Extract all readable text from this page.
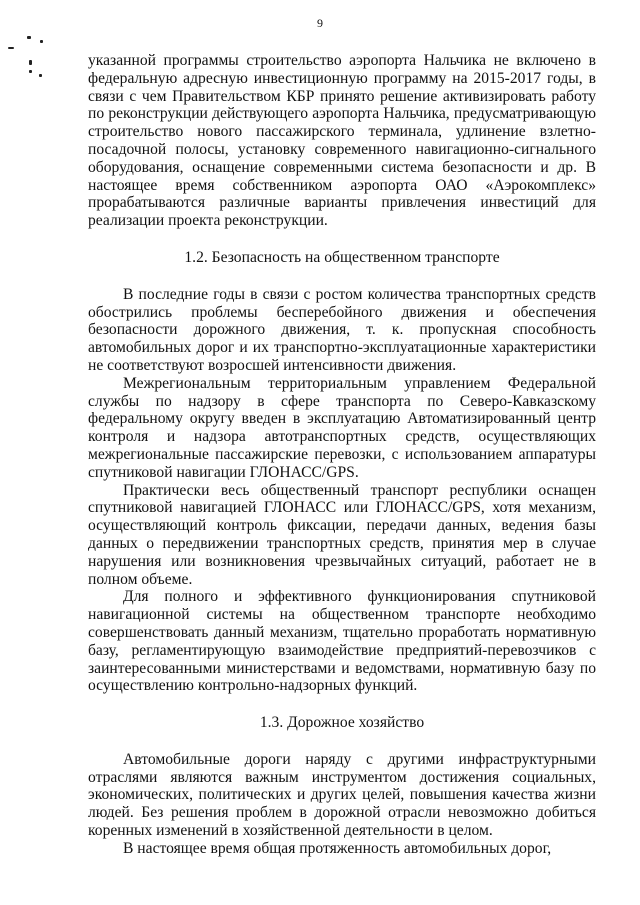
9

указанной программы строительство аэропорта Нальчика не включено в федеральную адресную инвестиционную программу на 2015-2017 годы, в связи с чем Правительством КБР принято решение активизировать работу по реконструкции действующего аэропорта Нальчика, предусматривающую строительство нового пассажирского терминала, удлинение взлетно-посадочной полосы, установку современного навигационно-сигнального оборудования, оснащение современными система безопасности и др. В настоящее время собственником аэропорта ОАО «Аэрокомплекс» прорабатываются различные варианты привлечения инвестиций для реализации проекта реконструкции.

1.2. Безопасность на общественном транспорте

В последние годы в связи с ростом количества транспортных средств обострились проблемы бесперебойного движения и обеспечения безопасности дорожного движения, т. к. пропускная способность автомобильных дорог и их транспортно-эксплуатационные характеристики не соответствуют возросшей интенсивности движения.

Межрегиональным территориальным управлением Федеральной службы по надзору в сфере транспорта по Северо-Кавказскому федеральному округу введен в эксплуатацию Автоматизированный центр контроля и надзора автотранспортных средств, осуществляющих межрегиональные пассажирские перевозки, с использованием аппаратуры спутниковой навигации ГЛОНАСС/GPS.

Практически весь общественный транспорт республики оснащен спутниковой навигацией ГЛОНАСС или ГЛОНАСС/GPS, хотя механизм, осуществляющий контроль фиксации, передачи данных, ведения базы данных о передвижении транспортных средств, принятия мер в случае нарушения или возникновения чрезвычайных ситуаций, работает не в полном объеме.

Для полного и эффективного функционирования спутниковой навигационной системы на общественном транспорте необходимо совершенствовать данный механизм, тщательно проработать нормативную базу, регламентирующую взаимодействие предприятий-перевозчиков с заинтересованными министерствами и ведомствами, нормативную базу по осуществлению контрольно-надзорных функций.

1.3. Дорожное хозяйство

Автомобильные дороги наряду с другими инфраструктурными отраслями являются важным инструментом достижения социальных, экономических, политических и других целей, повышения качества жизни людей. Без решения проблем в дорожной отрасли невозможно добиться коренных изменений в хозяйственной деятельности в целом.

В настоящее время общая протяженность автомобильных дорог,
